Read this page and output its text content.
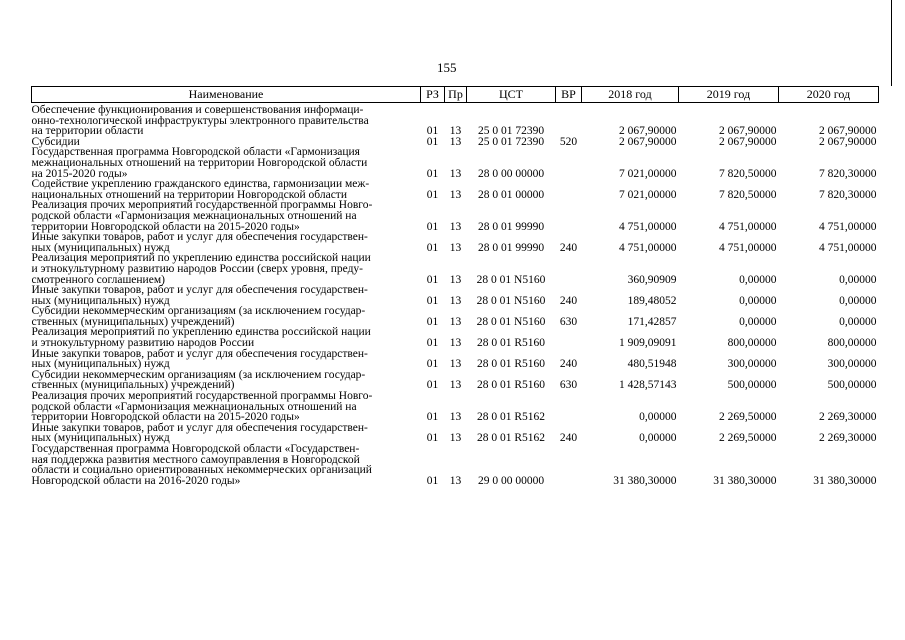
155
Наименование	РЗ	Пр	ЦСТ	ВР	2018 год	2019 год	2020 год

Обеспечение функционирования и совершенствования информаци-
онно-технологической инфраструктуры электронного правительства
на территории области	01	13	25 0 01 72390		2 067,90000	2 067,90000	2 067,90000

Субсидии	01	13	25 0 01 72390	520	2 067,90000	2 067,90000	2 067,90000

Государственная программа Новгородской области «Гармонизация
межнациональных отношений на территории Новгородской области
на 2015-2020 годы»	01	13	28 0 00 00000		7 021,00000	7 820,50000	7 820,30000

Содействие укреплению гражданского единства, гармонизации меж-
национальных отношений на территории Новгородской области	01	13	28 0 01 00000		7 021,00000	7 820,50000	7 820,30000

Реализация прочих мероприятий государственной программы Новго-
родской области «Гармонизация межнациональных отношений на
территории Новгородской области на 2015-2020 годы»	01	13	28 0 01 99990		4 751,00000	4 751,00000	4 751,00000

Иные закупки товаров, работ и услуг для обеспечения государствен-
ных (муниципальных) нужд	01	13	28 0 01 99990	240	4 751,00000	4 751,00000	4 751,00000

Реализация мероприятий по укреплению единства российской нации
и этнокультурному развитию народов России (сверх уровня, преду-
смотренного соглашением)	01	13	28 0 01 N5160		360,90909	0,00000	0,00000

Иные закупки товаров, работ и услуг для обеспечения государствен-
ных (муниципальных) нужд	01	13	28 0 01 N5160	240	189,48052	0,00000	0,00000

Субсидии некоммерческим организациям (за исключением государ-
ственных (муниципальных) учреждений)	01	13	28 0 01 N5160	630	171,42857	0,00000	0,00000

Реализация мероприятий по укреплению единства российской нации
и этнокультурному развитию народов России	01	13	28 0 01 R5160		1 909,09091	800,00000	800,00000

Иные закупки товаров, работ и услуг для обеспечения государствен-
ных (муниципальных) нужд	01	13	28 0 01 R5160	240	480,51948	300,00000	300,00000

Субсидии некоммерческим организациям (за исключением государ-
ственных (муниципальных) учреждений)	01	13	28 0 01 R5160	630	1 428,57143	500,00000	500,00000

Реализация прочих мероприятий государственной программы Новго-
родской области «Гармонизация межнациональных отношений на
территории Новгородской области на 2015-2020 годы»	01	13	28 0 01 R5162		0,00000	2 269,50000	2 269,30000

Иные закупки товаров, работ и услуг для обеспечения государствен-
ных (муниципальных) нужд	01	13	28 0 01 R5162	240	0,00000	2 269,50000	2 269,30000

Государственная программа Новгородской области «Государствен-
ная поддержка развития местного самоуправления в Новгородской
области и социально ориентированных некоммерческих организаций
Новгородской области на 2016-2020 годы»	01	13	29 0 00 00000		31 380,30000	31 380,30000	31 380,30000
